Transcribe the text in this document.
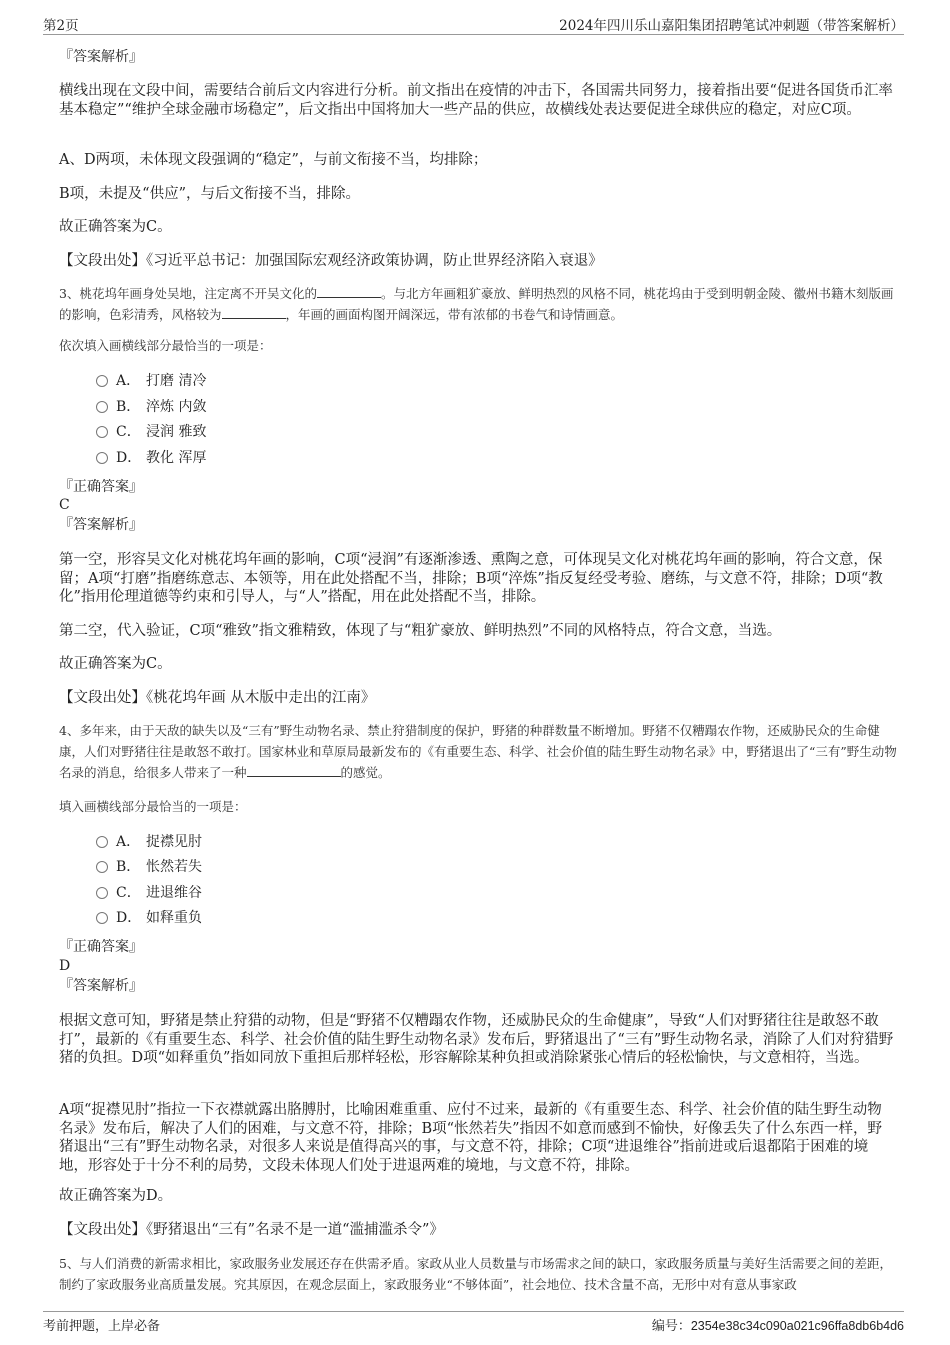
第2页	2024年四川乐山嘉阳集团招聘笔试冲刺题（带答案解析）

『答案解析』

横线出现在文段中间，需要结合前后文内容进行分析。前文指出在疫情的冲击下，各国需共同努力，接着指出要“促进各国货币汇率基本稳定”“维护全球金融市场稳定”，后文指出中国将加大一些产品的供应，故横线处表达要促进全球供应的稳定，对应C项。

A、D两项，未体现文段强调的“稳定”，与前文衔接不当，均排除；

B项，未提及“供应”，与后文衔接不当，排除。

故正确答案为C。

【文段出处】《习近平总书记：加强国际宏观经济政策协调，防止世界经济陷入衰退》

3、桃花坞年画身处吴地，注定离不开吴文化的	。与北方年画粗犷豪放、鲜明热烈的风格不同，桃花坞由于受到明朝金陵、徽州书籍木刻版画的影响，色彩清秀，风格较为	，年画的画面构图开阔深远，带有浓郁的书卷气和诗情画意。

依次填入画横线部分最恰当的一项是：

A． 打磨 清冷
B． 淬炼 内敛
C． 浸润 雅致
D． 教化 浑厚

『正确答案』

C

『答案解析』

第一空，形容吴文化对桃花坞年画的影响，C项“浸润”有逐渐渗透、熏陶之意，可体现吴文化对桃花坞年画的影响，符合文意，保留；A项“打磨”指磨练意志、本领等，用在此处搭配不当，排除；B项“淬炼”指反复经受考验、磨练，与文意不符，排除；D项“教化”指用伦理道德等约束和引导人，与“人”搭配，用在此处搭配不当，排除。

第二空，代入验证，C项“雅致”指文雅精致，体现了与“粗犷豪放、鲜明热烈”不同的风格特点，符合文意，当选。

故正确答案为C。

【文段出处】《桃花坞年画 从木版中走出的江南》

4、多年来，由于天敌的缺失以及“三有”野生动物名录、禁止狩猎制度的保护，野猪的种群数量不断增加。野猪不仅糟蹋农作物，还威胁民众的生命健康，人们对野猪往往是敢怒不敢打。国家林业和草原局最新发布的《有重要生态、科学、社会价值的陆生野生动物名录》中，野猪退出了“三有”野生动物名录的消息，给很多人带来了一种	的感觉。

填入画横线部分最恰当的一项是：

A． 捉襟见肘
B． 怅然若失
C． 进退维谷
D． 如释重负

『正确答案』

D

『答案解析』

根据文意可知，野猪是禁止狩猎的动物，但是“野猪不仅糟蹋农作物，还威胁民众的生命健康”，导致“人们对野猪往往是敢怒不敢打”，最新的《有重要生态、科学、社会价值的陆生野生动物名录》发布后，野猪退出了“三有”野生动物名录，消除了人们对狩猎野猪的负担。D项“如释重负”指如同放下重担后那样轻松，形容解除某种负担或消除紧张心情后的轻松愉快，与文意相符，当选。

A项“捉襟见肘”指拉一下衣襟就露出胳膊肘，比喻困难重重、应付不过来，最新的《有重要生态、科学、社会价值的陆生野生动物名录》发布后，解决了人们的困难，与文意不符，排除；B项“怅然若失”指因不如意而感到不愉快，好像丢失了什么东西一样，野猪退出“三有”野生动物名录，对很多人来说是值得高兴的事，与文意不符，排除；C项“进退维谷”指前进或后退都陷于困难的境地，形容处于十分不利的局势，文段未体现人们处于进退两难的境地，与文意不符，排除。

故正确答案为D。

【文段出处】《野猪退出“三有”名录不是一道“滥捕滥杀令”》

5、与人们消费的新需求相比，家政服务业发展还存在供需矛盾。家政从业人员数量与市场需求之间的缺口，家政服务质量与美好生活需要之间的差距，制约了家政服务业高质量发展。究其原因，在观念层面上，家政服务业“不够体面”，社会地位、技术含量不高，无形中对有意从事家政

考前押题，上岸必备	编号：2354e38c34c090a021c96ffa8db6b4d6
